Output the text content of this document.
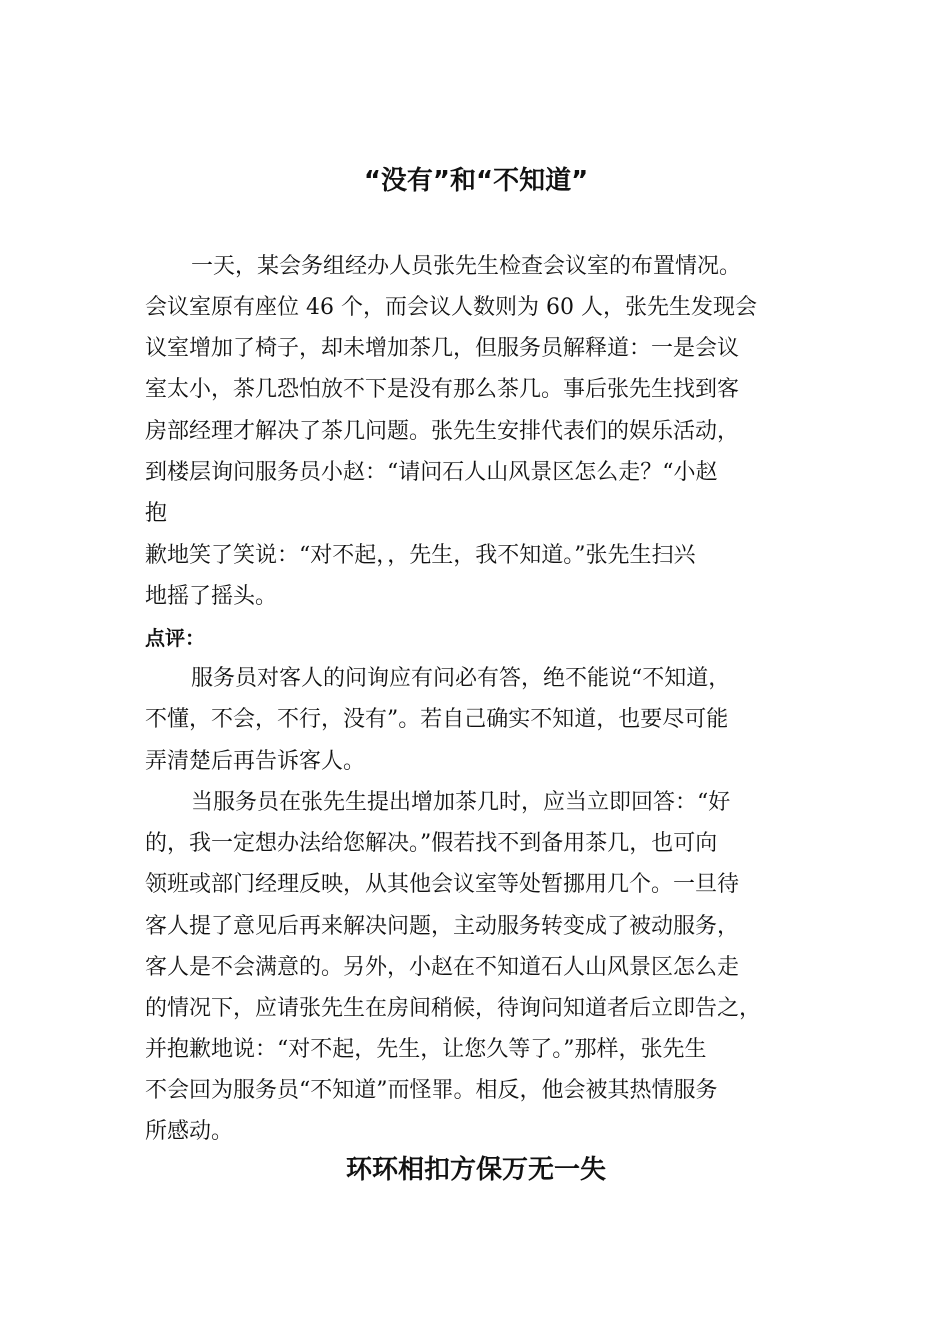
“没有”和“不知道”
一天，某会务组经办人员张先生检查会议室的布置情况。
会议室原有座位 46 个，而会议人数则为 60 人，张先生发现会
议室增加了椅子，却未增加茶几，但服务员解释道：一是会议
室太小，茶几恐怕放不下是没有那么茶几。事后张先生找到客
房部经理才解决了茶几问题。张先生安排代表们的娱乐活动，
到楼层询问服务员小赵：“请问石人山风景区怎么走？“小赵
抱
歉地笑了笑说：“对不起，，先生，我不知道。”张先生扫兴
地摇了摇头。
点评：
服务员对客人的问询应有问必有答，绝不能说“不知道，
不懂，不会，不行，没有”。若自己确实不知道，也要尽可能
弄清楚后再告诉客人。
当服务员在张先生提出增加茶几时，应当立即回答：“好
的，我一定想办法给您解决。”假若找不到备用茶几，也可向
领班或部门经理反映，从其他会议室等处暂挪用几个。一旦待
客人提了意见后再来解决问题，主动服务转变成了被动服务，
客人是不会满意的。另外，小赵在不知道石人山风景区怎么走
的情况下，应请张先生在房间稍候，待询问知道者后立即告之，
并抱歉地说：“对不起，先生，让您久等了。”那样，张先生
不会回为服务员“不知道”而怪罪。相反，他会被其热情服务
所感动。
环环相扣方保万无一失
